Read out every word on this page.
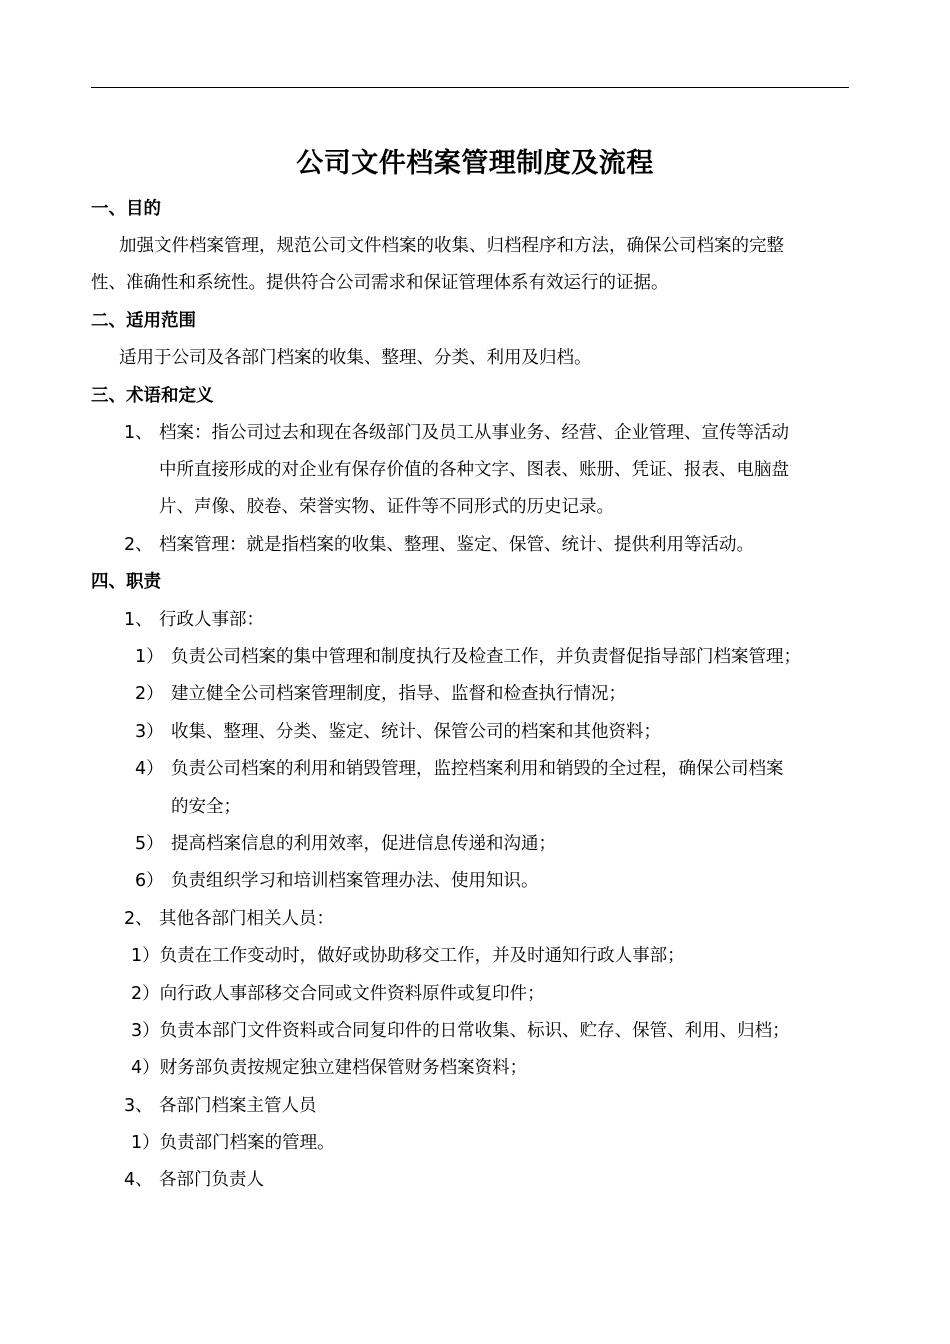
公司文件档案管理制度及流程
一、目的
加强文件档案管理，规范公司文件档案的收集、归档程序和方法，确保公司档案的完整
性、准确性和系统性。提供符合公司需求和保证管理体系有效运行的证据。
二、适用范围
适用于公司及各部门档案的收集、整理、分类、利用及归档。
三、术语和定义
1、 档案：指公司过去和现在各级部门及员工从事业务、经营、企业管理、宣传等活动
中所直接形成的对企业有保存价值的各种文字、图表、账册、凭证、报表、电脑盘
片、声像、胶卷、荣誉实物、证件等不同形式的历史记录。
2、 档案管理：就是指档案的收集、整理、鉴定、保管、统计、提供利用等活动。
四、职责
1、 行政人事部：
1） 负责公司档案的集中管理和制度执行及检查工作，并负责督促指导部门档案管理；
2） 建立健全公司档案管理制度，指导、监督和检查执行情况；
3） 收集、整理、分类、鉴定、统计、保管公司的档案和其他资料；
4） 负责公司档案的利用和销毁管理，监控档案利用和销毁的全过程，确保公司档案
的安全；
5） 提高档案信息的利用效率，促进信息传递和沟通；
6） 负责组织学习和培训档案管理办法、使用知识。
2、 其他各部门相关人员：
1）负责在工作变动时，做好或协助移交工作，并及时通知行政人事部；
2）向行政人事部移交合同或文件资料原件或复印件；
3）负责本部门文件资料或合同复印件的日常收集、标识、贮存、保管、利用、归档；
4）财务部负责按规定独立建档保管财务档案资料；
3、 各部门档案主管人员
1）负责部门档案的管理。
4、 各部门负责人
